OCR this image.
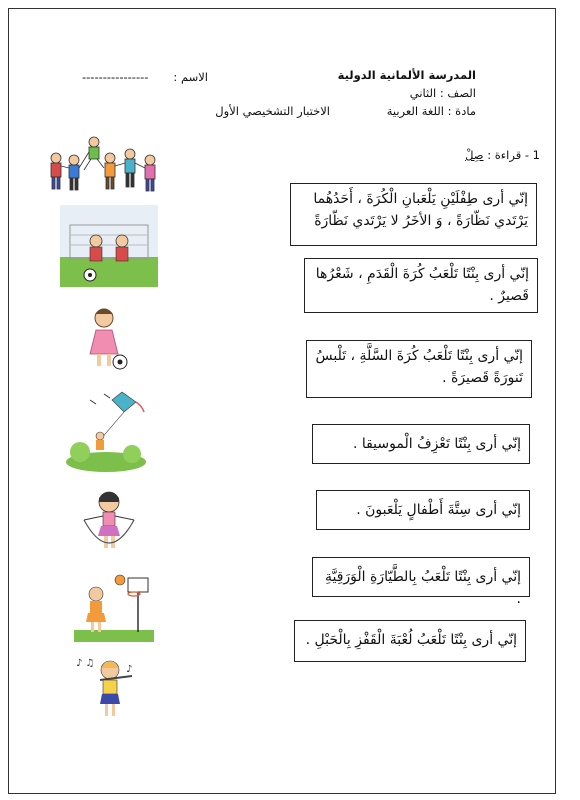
المدرسة الألمانية الدولية
الصف : الثاني
مادة : اللغة العربية
الاختبار التشخيصي الأول
الاسم :
----------------
1 - قراءة : صِلْ
إنّي أرى طِفْلَيْنِ يَلْعَبانِ الْكُرَةَ ، أَحَدُهُما
يَرْتَدي نَظّارَةً ، وَ الأخَرُ لا يَرْتَدي نَظّارَةً
إنّي أرى بِنْتًا تَلْعَبُ كُرَةَ الْقَدَمِ ، شَعْرُها
قَصيرٌ .
إنّي أرى بِنْتًا تَلْعَبُ كُرَةَ السَّلَّةِ ، تَلْبسُ
تَنورَةً قَصيرَةً .
إنّي أرى بِنْتًا تَعْزِفُ الْموسيقا .
إنّي أرى سِتَّةَ أَطْفالٍ يَلْعَبونَ .
إنّي أرى بِنْتًا تَلْعَبُ بِالطَّيّارَةِ الْوَرَقِيَّةِ .
إنّي أرى بِنْتًا تَلْعَبُ لُعْبَةَ الْقَفْزِ بِالْحَبْلِ .
♪ ♫
♪
